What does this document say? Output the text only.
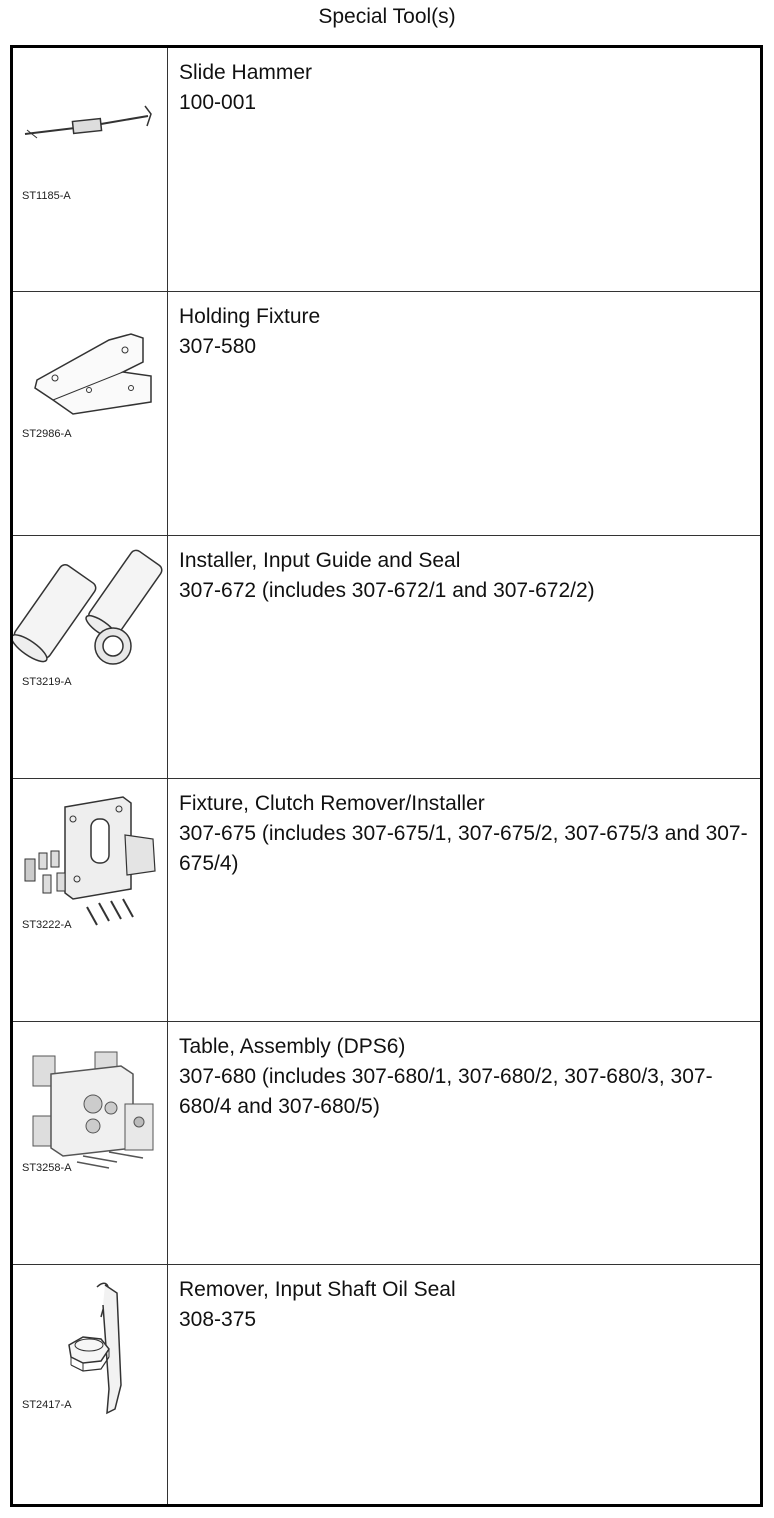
Special Tool(s)
ST1185-A
Slide Hammer
100-001
ST2986-A
Holding Fixture
307-580
ST3219-A
Installer, Input Guide and Seal
307-672 (includes 307-672/1 and 307-672/2)
ST3222-A
Fixture, Clutch Remover/Installer
307-675 (includes 307-675/1, 307-675/2, 307-675/3 and 307-675/4)
ST3258-A
Table, Assembly (DPS6)
307-680 (includes 307-680/1, 307-680/2, 307-680/3, 307-680/4 and 307-680/5)
ST2417-A
Remover, Input Shaft Oil Seal
308-375
